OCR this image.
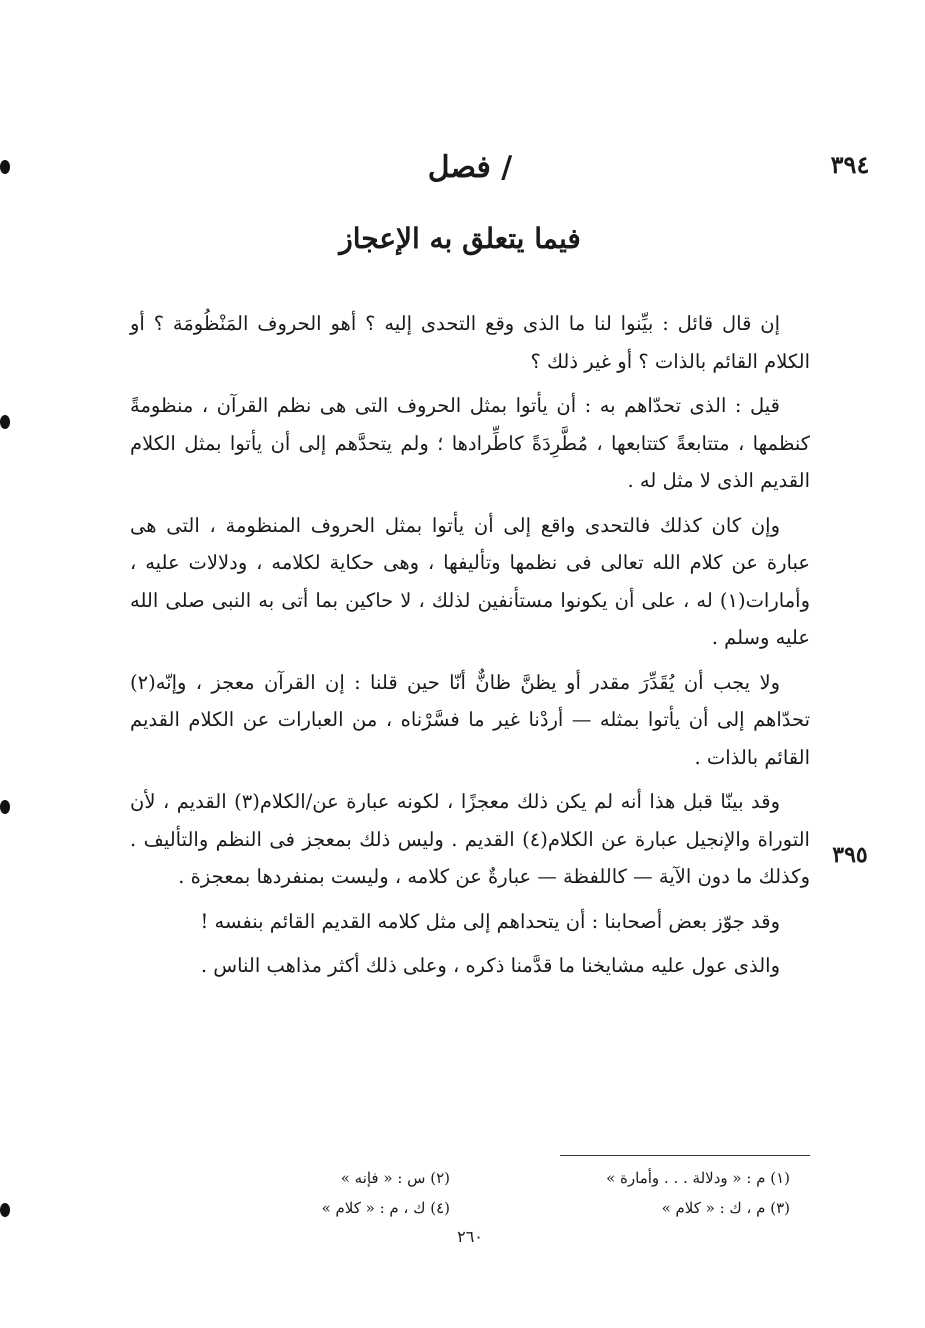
٣٩٤
/ فصل
فيما يتعلق به الإعجاز
٣٩٥

إن قال قائل : بيِّنوا لنا ما الذى وقع التحدى إليه ؟ أهو الحروف المَنْظُومَة ؟ أو الكلام القائم بالذات ؟ أو غير ذلك ؟

قيل : الذى تحدّاهم به : أن يأتوا بمثل الحروف التى هى نظم القرآن ، منظومةً كنظمها ، متتابعةً كتتابعها ، مُطَّرِدَةً كاطِّرادها ؛ ولم يتحدَّهم إلى أن يأتوا بمثل الكلام القديم الذى لا مثل له .

وإن كان كذلك فالتحدى واقع إلى أن يأتوا بمثل الحروف المنظومة ، التى هى عبارة عن كلام الله تعالى فى نظمها وتأليفها ، وهى حكاية لكلامه ، ودلالات عليه ، وأمارات(١) له ، على أن يكونوا مستأنفين لذلك ، لا حاكين بما أتى به النبى صلى الله عليه وسلم .

ولا يجب أن يُقَدِّرَ مقدر أو يظنَّ ظانٌّ أنّا حين قلنا : إن القرآن معجز ، وإنّه(٢) تحدّاهم إلى أن يأتوا بمثله — أردْنا غير ما فسَّرْناه ، من العبارات عن الكلام القديم القائم بالذات .

وقد بينّا قبل هذا أنه لم يكن ذلك معجزًا ، لكونه عبارة عن/الكلام(٣) القديم ، لأن التوراة والإنجيل عبارة عن الكلام(٤) القديم . وليس ذلك بمعجز فى النظم والتأليف . وكذلك ما دون الآية — كاللفظة — عبارةٌ عن كلامه ، وليست بمنفردها بمعجزة .

وقد جوّز بعض أصحابنا : أن يتحداهم إلى مثل كلامه القديم القائم بنفسه !

والذى عول عليه مشايخنا ما قدَّمنا ذكره ، وعلى ذلك أكثر مذاهب الناس .

(١) م : « ودلالة . . . وأمارة »
(٢) س : « فإنه »
(٣) م ، ك : « كلام »
(٤) ك ، م : « كلام »
٢٦٠
